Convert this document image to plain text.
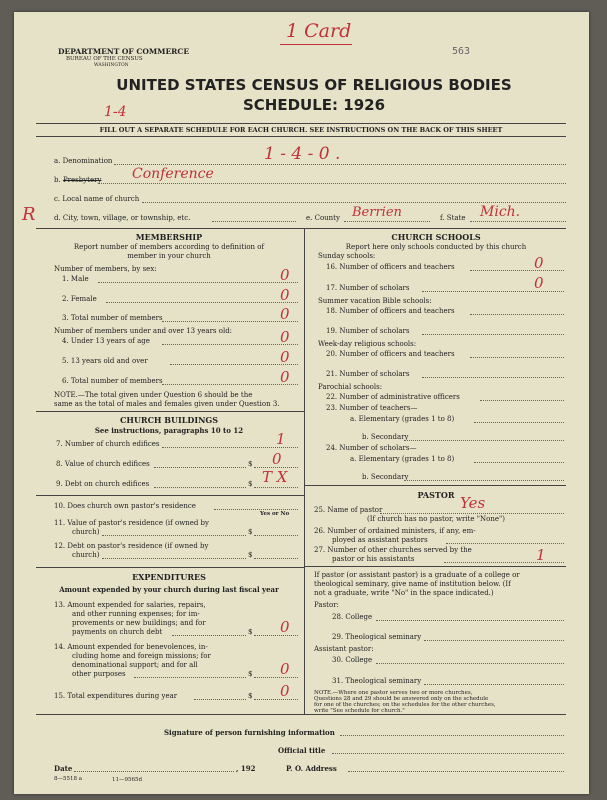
1 Card
563
DEPARTMENT OF COMMERCE
BUREAU OF THE CENSUS
WASHINGTON
UNITED STATES CENSUS OF RELIGIOUS BODIES
SCHEDULE: 1926
1-4
FILL OUT A SEPARATE SCHEDULE FOR EACH CHURCH. SEE INSTRUCTIONS ON THE BACK OF THIS SHEET
a. Denomination	1 - 4 - 0 .
b. Presbytery Conference
c. Local name of church
R	d. City, town, village, or township, etc.	e. County Berrien	f. State Mich.
MEMBERSHIP
Report number of members according to definition of
member in your church
Number of members, by sex:
1. Male	0
2. Female	0
3. Total number of members	0
Number of members under and over 13 years old:
4. Under 13 years of age	0
5. 13 years old and over	0
6. Total number of members	0
NOTE.—The total given under Question 6 should be the
same as the total of males and females given under Question 3.
CHURCH BUILDINGS
See instructions, paragraphs 10 to 12
7. Number of church edifices	1
8. Value of church edifices	$ 0
9. Debt on church edifices	$ T X
10. Does church own pastor's residence
Yes or No
11. Value of pastor's residence (if owned by
church)	$
12. Debt on pastor's residence (if owned by
church)	$
EXPENDITURES
Amount expended by your church during last fiscal year
13. Amount expended for salaries, repairs,
and other running expenses; for im-
provements or new buildings; and for
payments on church debt	$ 0
14. Amount expended for benevolences, in-
cluding home and foreign missions; for
denominational support; and for all
other purposes	$ 0
15. Total expenditures during year	$ 0
CHURCH SCHOOLS
Report here only schools conducted by this church
Sunday schools:
16. Number of officers and teachers	0
17. Number of scholars	0
Summer vacation Bible schools:
18. Number of officers and teachers
19. Number of scholars
Week-day religious schools:
20. Number of officers and teachers
21. Number of scholars
Parochial schools:
22. Number of administrative officers
23. Number of teachers—
a. Elementary (grades 1 to 8)
b. Secondary
24. Number of scholars—
a. Elementary (grades 1 to 8)
b. Secondary
PASTOR
25. Name of pastor	Yes
(If church has no pastor, write "None")
26. Number of ordained ministers, if any, em-
ployed as assistant pastors
27. Number of other churches served by the
pastor or his assistants	1
If pastor (or assistant pastor) is a graduate of a college or
theological seminary, give name of institution below. (If
not a graduate, write "No" in the space indicated.)
Pastor:
28. College
29. Theological seminary
Assistant pastor:
30. College
31. Theological seminary
NOTE.—Where one pastor serves two or more churches,
Questions 28 and 29 should be answered only on the schedule
for one of the churches; on the schedules for the other churches,
write "See schedule for church."
Signature of person furnishing information
Official title
Date	, 192	P. O. Address
8—5518 a	11—9565d
